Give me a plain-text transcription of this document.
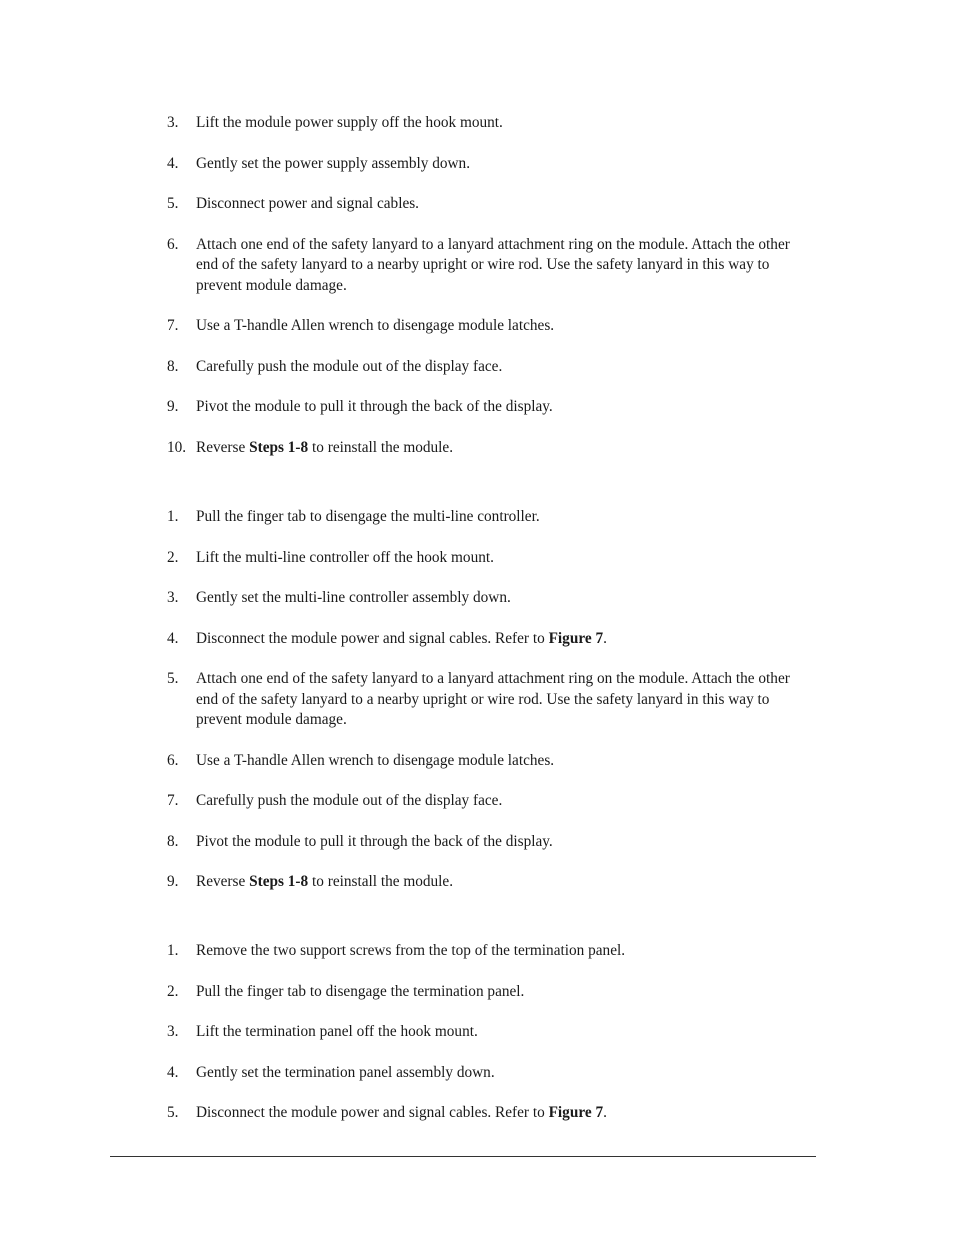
3.	Lift the module power supply off the hook mount.
4.	Gently set the power supply assembly down.
5.	Disconnect power and signal cables.
6.	Attach one end of the safety lanyard to a lanyard attachment ring on the module. Attach the other end of the safety lanyard to a nearby upright or wire rod. Use the safety lanyard in this way to prevent module damage.
7.	Use a T-handle Allen wrench to disengage module latches.
8.	Carefully push the module out of the display face.
9.	Pivot the module to pull it through the back of the display.
10. Reverse Steps 1-8 to reinstall the module.
1.	Pull the finger tab to disengage the multi-line controller.
2.	Lift the multi-line controller off the hook mount.
3.	Gently set the multi-line controller assembly down.
4.	Disconnect the module power and signal cables. Refer to Figure 7.
5.	Attach one end of the safety lanyard to a lanyard attachment ring on the module. Attach the other end of the safety lanyard to a nearby upright or wire rod. Use the safety lanyard in this way to prevent module damage.
6.	Use a T-handle Allen wrench to disengage module latches.
7.	Carefully push the module out of the display face.
8.	Pivot the module to pull it through the back of the display.
9.	Reverse Steps 1-8 to reinstall the module.
1.	Remove the two support screws from the top of the termination panel.
2.	Pull the finger tab to disengage the termination panel.
3.	Lift the termination panel off the hook mount.
4.	Gently set the termination panel assembly down.
5.	Disconnect the module power and signal cables. Refer to Figure 7.
